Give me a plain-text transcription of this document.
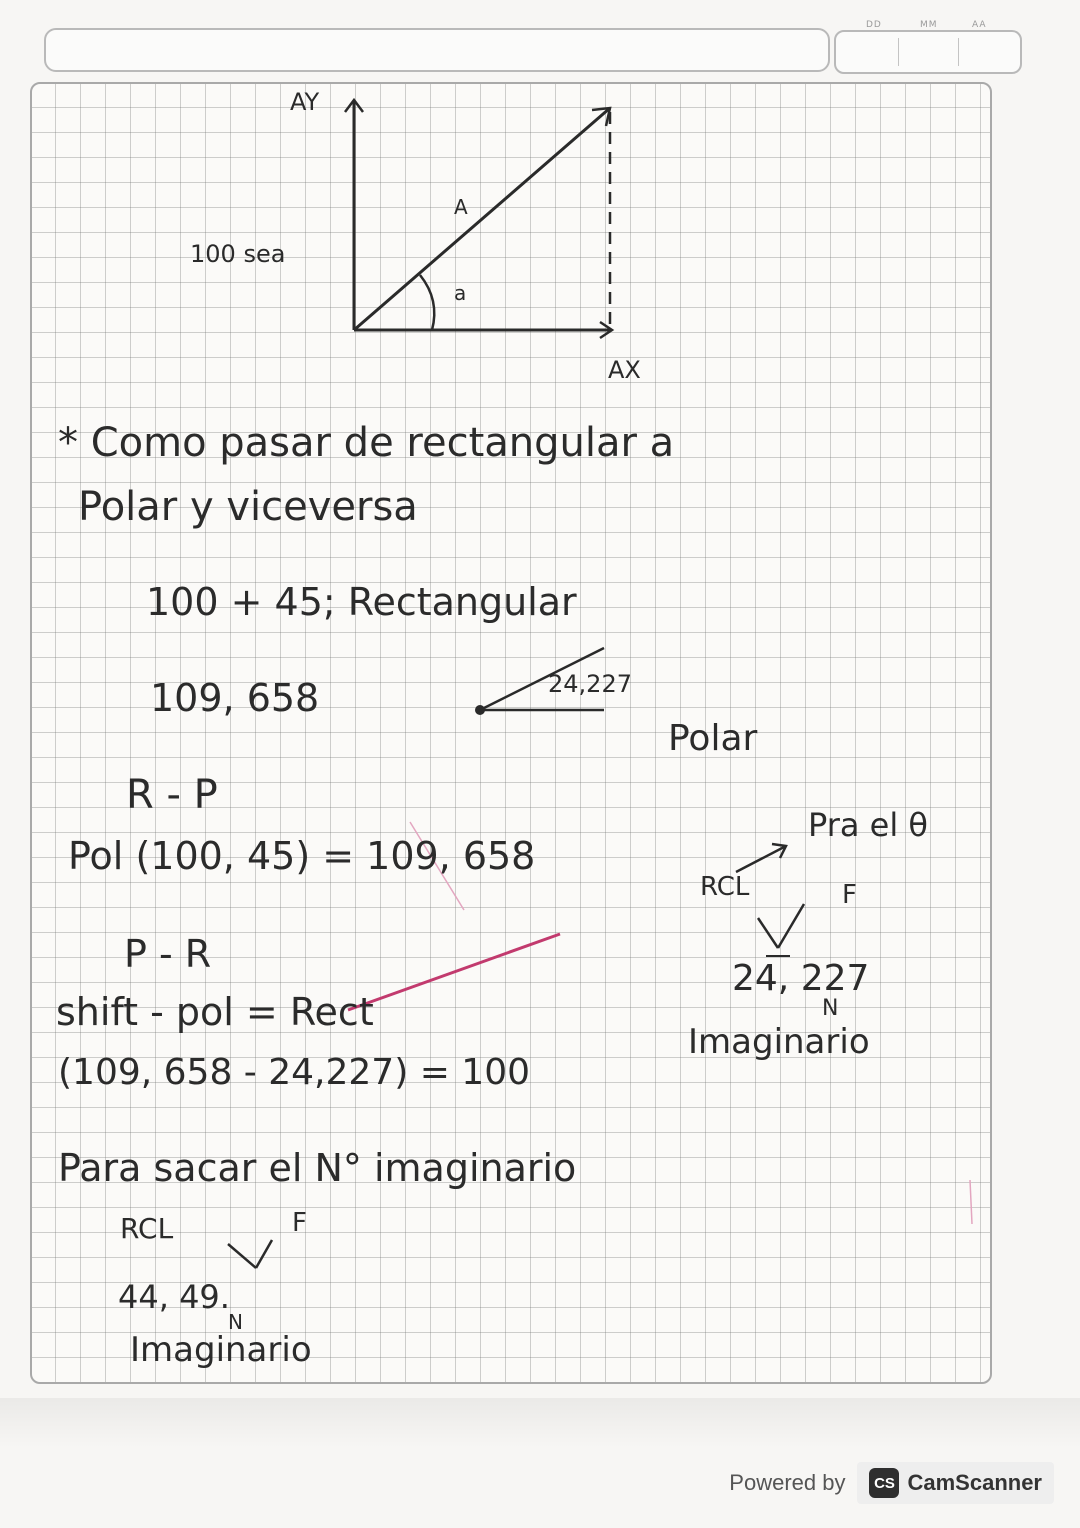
DD	MM	AA
AY
AX
A
a
100 sea
* Como pasar de rectangular a
Polar y viceversa
100 + 45; Rectangular
109, 658	24,227
Polar
R - P
Pol (100, 45) = 109, 658
Pra el θ
RCL	F
24, 227
N
Imaginario
P - R
shift - pol = Rect
(109, 658 - 24,227) = 100
Para sacar el N° imaginario
RCL	F
44, 49.
N
Imaginario
Powered by	CS CamScanner
